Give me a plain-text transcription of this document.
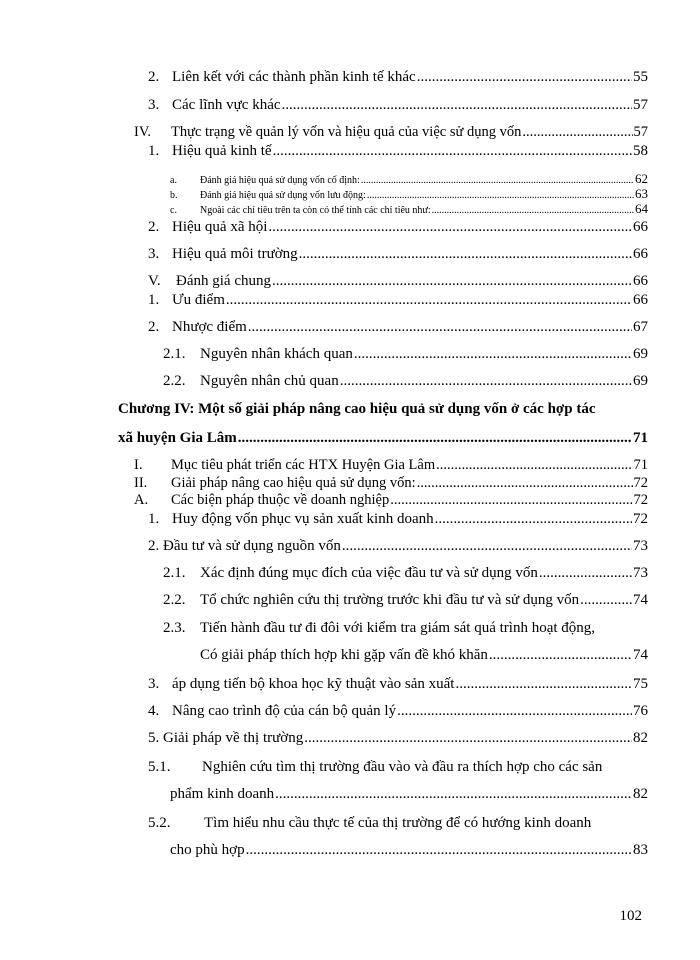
2. Liên kết với các thành phần kinh tế khác .....	55
3. Các lĩnh vực khác .....	57
IV.	Thực trạng về quản lý vốn và hiệu quả của việc sử dụng vốn .....	57
1. Hiệu quả kinh tế .....	58
a.	Đánh giá hiệu quả sử dụng vốn cố định: .....	62
b.	Đánh giá hiệu quả sử dụng vốn lưu động: .....	63
c.	Ngoài các chỉ tiêu trên ta còn có thể tính các chỉ tiêu như: .....	64
2. Hiệu quả xã hội .....	66
3. Hiệu quả môi trường .....	66
V.	Đánh giá chung .....	66
1. Ưu điểm .....	66
2. Nhược điểm .....	67
2.1. Nguyên nhân khách quan .....	69
2.2. Nguyên nhân chủ quan .....	69
Chương IV: Một số giải pháp nâng cao hiệu quả sử dụng vốn ở các hợp tác
xã huyện Gia Lâm .....	71
I.	Mục tiêu phát triển các HTX Huyện Gia Lâm .....	71
II.	Giải pháp nâng cao hiệu quả sử dụng vốn: .....	72
A.	Các biện pháp thuộc về doanh nghiệp .....	72
1. Huy động vốn phục vụ sản xuất kinh doanh .....	72
2. Đầu tư và sử dụng nguồn vốn .....	73
2.1. Xác định đúng mục đích của việc đầu tư và sử dụng vốn .....	73
2.2. Tổ chức nghiên cứu thị trường trước khi đầu tư và sử dụng vốn .....	74
2.3. Tiến hành đầu tư đi đôi với kiểm tra giám sát quá trình hoạt động,
Có giải pháp thích hợp khi gặp vấn đề khó khăn .....	74
3. áp dụng tiến bộ khoa học kỹ thuật vào sản xuất .....	75
4. Nâng cao trình độ của cán bộ quản lý .....	76
5. Giải pháp về thị trường .....	82
5.1. Nghiên cứu tìm thị trường đầu vào và đầu ra thích hợp cho các sản
phẩm kinh doanh .....	82
5.2. Tìm hiểu nhu cầu thực tế của thị trường để có hướng kinh doanh
cho phù hợp .....	83
102
